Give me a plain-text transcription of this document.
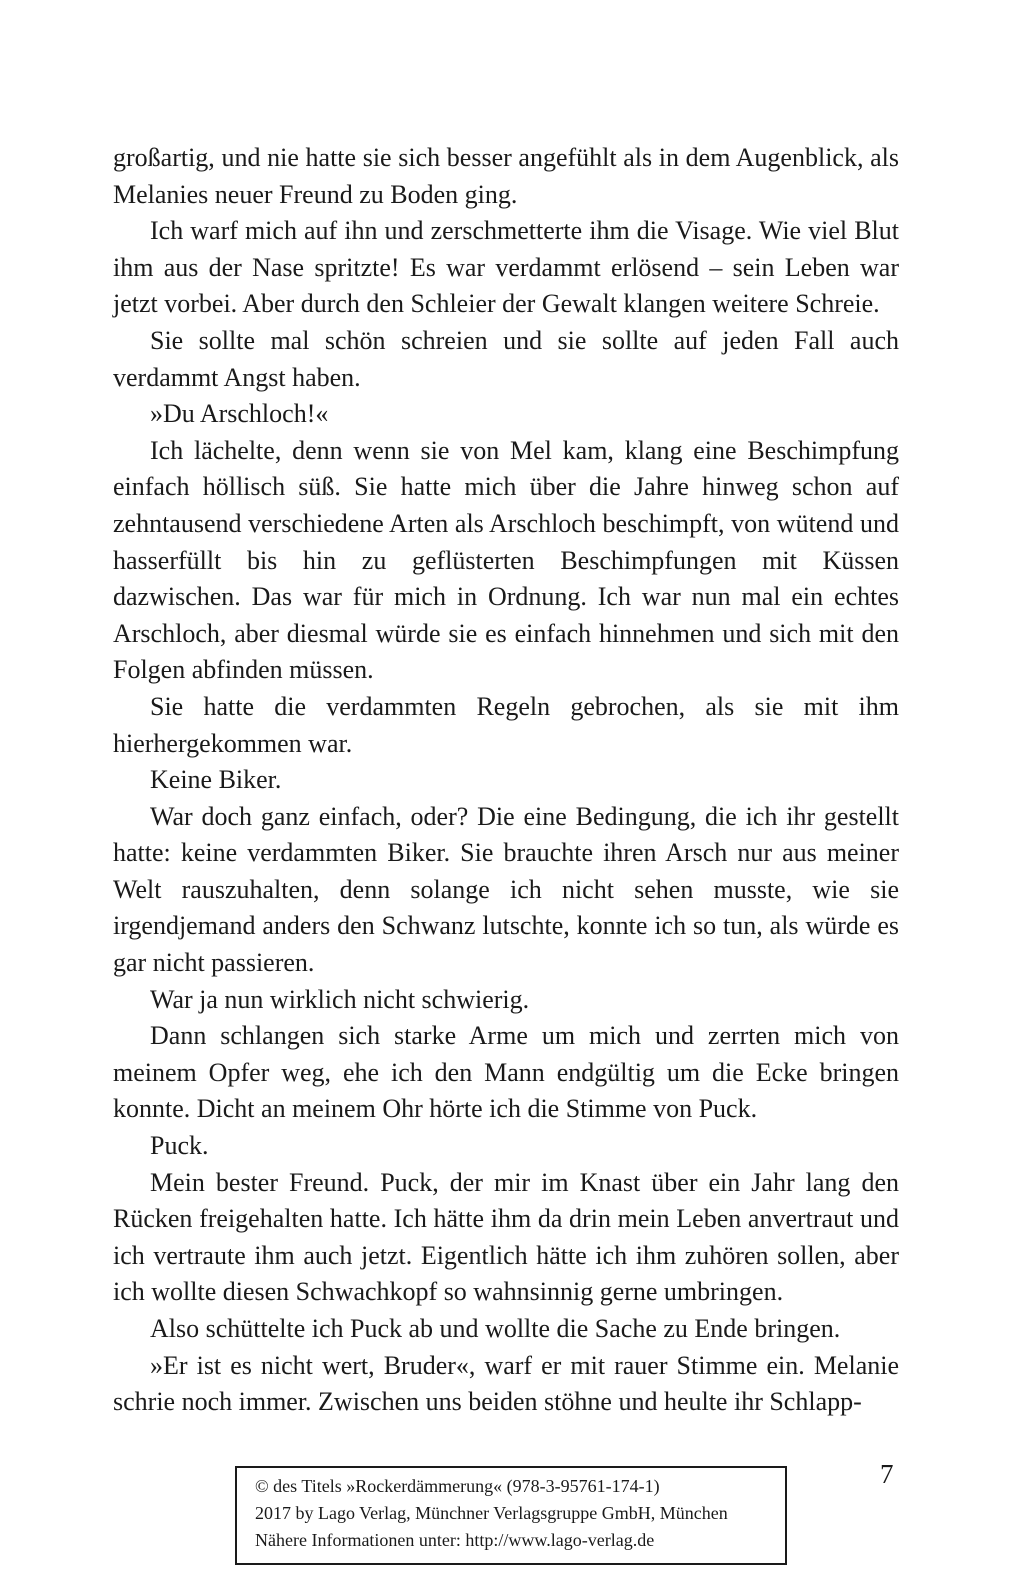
großartig, und nie hatte sie sich besser angefühlt als in dem Augenblick, als Melanies neuer Freund zu Boden ging.

Ich warf mich auf ihn und zerschmetterte ihm die Visage. Wie viel Blut ihm aus der Nase spritzte! Es war verdammt erlösend – sein Leben war jetzt vorbei. Aber durch den Schleier der Gewalt klangen weitere Schreie.

Sie sollte mal schön schreien und sie sollte auf jeden Fall auch verdammt Angst haben.

»Du Arschloch!«

Ich lächelte, denn wenn sie von Mel kam, klang eine Beschimpfung einfach höllisch süß. Sie hatte mich über die Jahre hinweg schon auf zehntausend verschiedene Arten als Arschloch beschimpft, von wütend und hasserfüllt bis hin zu geflüsterten Beschimpfungen mit Küssen dazwischen. Das war für mich in Ordnung. Ich war nun mal ein echtes Arschloch, aber diesmal würde sie es einfach hinnehmen und sich mit den Folgen abfinden müssen.

Sie hatte die verdammten Regeln gebrochen, als sie mit ihm hierhergekommen war.

Keine Biker.

War doch ganz einfach, oder? Die eine Bedingung, die ich ihr gestellt hatte: keine verdammten Biker. Sie brauchte ihren Arsch nur aus meiner Welt rauszuhalten, denn solange ich nicht sehen musste, wie sie irgendjemand anders den Schwanz lutschte, konnte ich so tun, als würde es gar nicht passieren.

War ja nun wirklich nicht schwierig.

Dann schlangen sich starke Arme um mich und zerrten mich von meinem Opfer weg, ehe ich den Mann endgültig um die Ecke bringen konnte. Dicht an meinem Ohr hörte ich die Stimme von Puck.

Puck.

Mein bester Freund. Puck, der mir im Knast über ein Jahr lang den Rücken freigehalten hatte. Ich hätte ihm da drin mein Leben anvertraut und ich vertraute ihm auch jetzt. Eigentlich hätte ich ihm zuhören sollen, aber ich wollte diesen Schwachkopf so wahnsinnig gerne umbringen.

Also schüttelte ich Puck ab und wollte die Sache zu Ende bringen.

»Er ist es nicht wert, Bruder«, warf er mit rauer Stimme ein. Melanie schrie noch immer. Zwischen uns beiden stöhne und heulte ihr Schlapp-

© des Titels »Rockerdämmerung« (978-3-95761-174-1)
2017 by Lago Verlag, Münchner Verlagsgruppe GmbH, München
Nähere Informationen unter: http://www.lago-verlag.de
7
